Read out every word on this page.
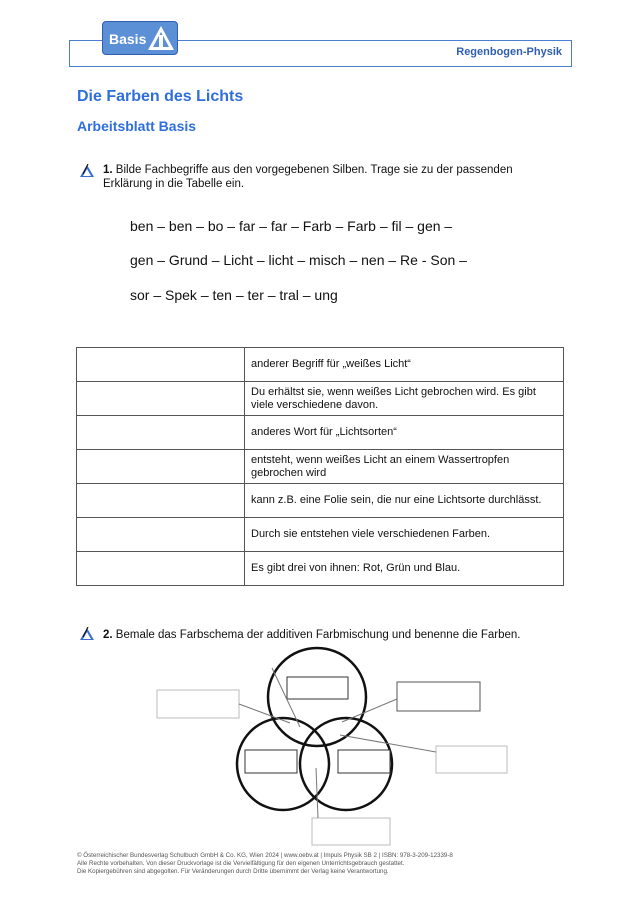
Basis
Regenbogen-Physik
Die Farben des Lichts
Arbeitsblatt Basis
1. Bilde Fachbegriffe aus den vorgegebenen Silben. Trage sie zu der passenden Erklärung in die Tabelle ein.
ben – ben – bo – far – far – Farb – Farb – fil – gen –
gen – Grund – Licht – licht – misch – nen – Re - Son –
sor – Spek – ten – ter – tral – ung
	anderer Begriff für „weißes Licht“
	Du erhältst sie, wenn weißes Licht gebrochen wird. Es gibt viele verschiedene davon.
	anderes Wort für „Lichtsorten“
	entsteht, wenn weißes Licht an einem Wassertropfen gebrochen wird
	kann z.B. eine Folie sein, die nur eine Lichtsorte durchlässt.
	Durch sie entstehen viele verschiedenen Farben.
	Es gibt drei von ihnen: Rot, Grün und Blau.
2. Bemale das Farbschema der additiven Farbmischung und benenne die Farben.
© Österreichischer Bundesverlag Schulbuch GmbH & Co. KG, Wien 2024 | www.oebv.at | Impuls Physik SB 2 | ISBN: 978-3-209-12339-8
Alle Rechte vorbehalten. Von dieser Druckvorlage ist die Vervielfältigung für den eigenen Unterrichtsgebrauch gestattet.
Die Kopiergebühren sind abgegolten. Für Veränderungen durch Dritte übernimmt der Verlag keine Verantwortung.
